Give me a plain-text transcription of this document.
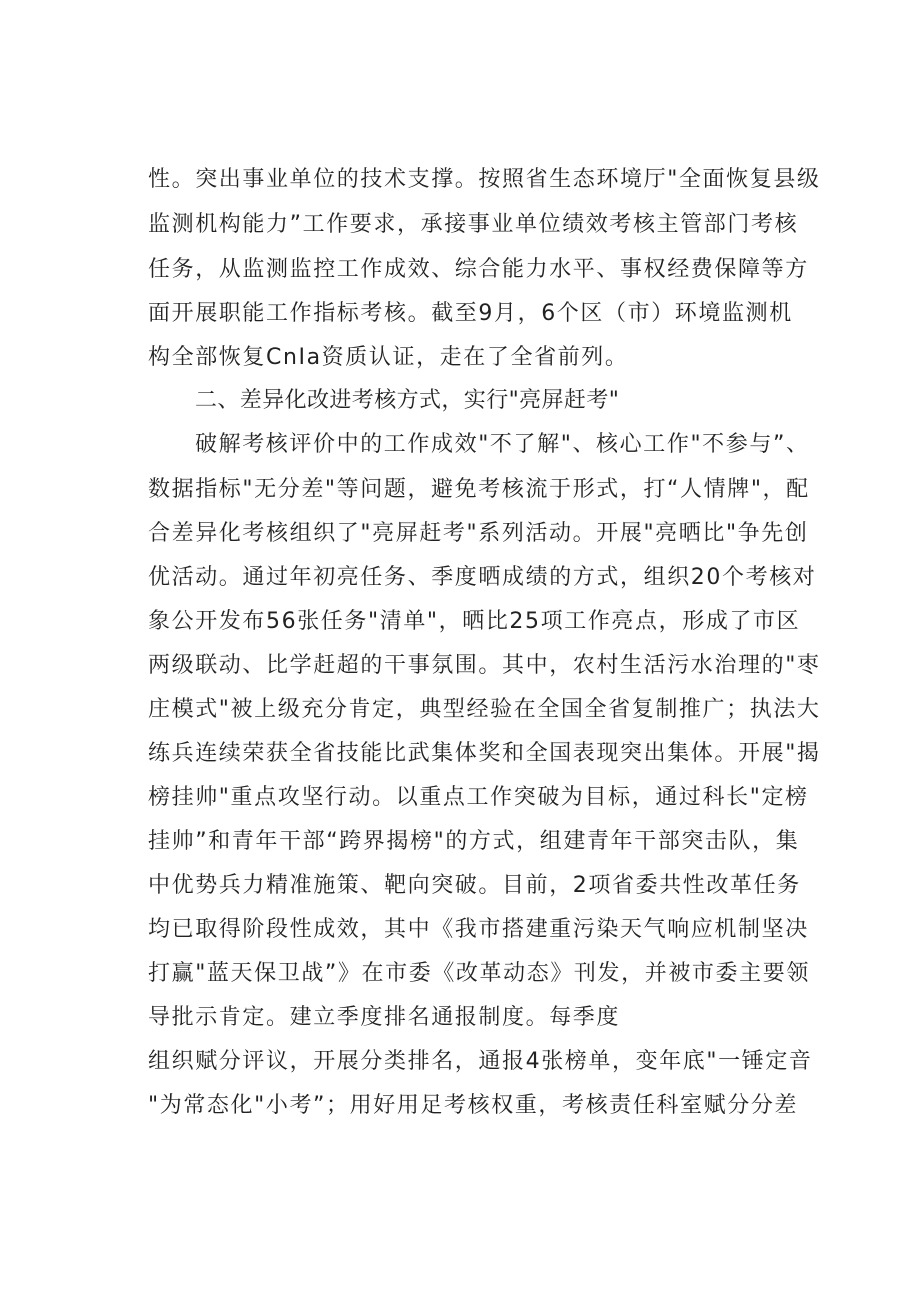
性。突出事业单位的技术支撑。按照省生态环境厅"全面恢复县级
监测机构能力”工作要求，承接事业单位绩效考核主管部门考核
任务，从监测监控工作成效、综合能力水平、事权经费保障等方
面开展职能工作指标考核。截至9月，6个区（市）环境监测机
构全部恢复CnIa资质认证，走在了全省前列。
二、差异化改进考核方式，实行"亮屏赶考"
破解考核评价中的工作成效"不了解"、核心工作"不参与”、
数据指标"无分差"等问题，避免考核流于形式，打“人情牌"，配
合差异化考核组织了"亮屏赶考"系列活动。开展"亮晒比"争先创
优活动。通过年初亮任务、季度晒成绩的方式，组织20个考核对
象公开发布56张任务"清单"，晒比25项工作亮点，形成了市区
两级联动、比学赶超的干事氛围。其中，农村生活污水治理的"枣
庄模式"被上级充分肯定，典型经验在全国全省复制推广；执法大
练兵连续荣获全省技能比武集体奖和全国表现突出集体。开展"揭
榜挂帅"重点攻坚行动。以重点工作突破为目标，通过科长"定榜
挂帅”和青年干部“跨界揭榜"的方式，组建青年干部突击队，集
中优势兵力精准施策、靶向突破。目前，2项省委共性改革任务
均已取得阶段性成效，其中《我市搭建重污染天气响应机制坚决
打赢"蓝天保卫战”》在市委《改革动态》刊发，并被市委主要领
导批示肯定。建立季度排名通报制度。每季度
组织赋分评议，开展分类排名，通报4张榜单，变年底"一锤定音
"为常态化"小考”；用好用足考核权重，考核责任科室赋分分差
